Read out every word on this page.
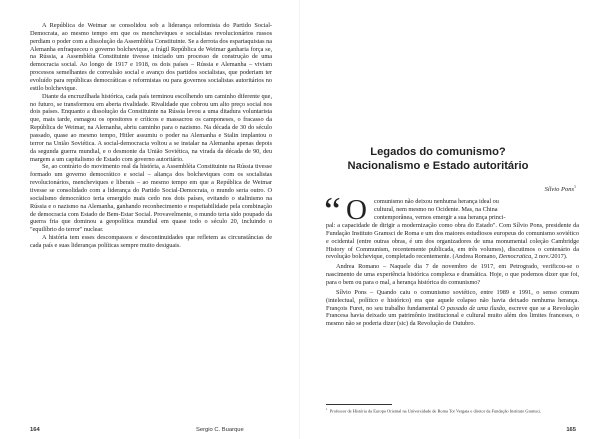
A República de Weimar se consolidou sob a liderança reformista do Partido Social-Democrata, ao mesmo tempo em que os mencheviques e socialistas revolucionários russos perdiam o poder com a dissolução da Assembléia Constituinte. Se a derrota dos espartaquistas na Alemanha enfraqueceu o governo bolchevique, a frágil República de Weimar ganharia força se, na Rússia, a Assembléia Constituinte tivesse iniciado um processo de construção de uma democracia social. Ao longo de 1917 e 1918, os dois países – Rússia e Alemanha – viviam processos semelhantes de convulsão social e avanço dos partidos socialistas, que poderiam ter evoluído para repúblicas democráticas e reformistas ou para governos socialistas autoritários no estilo bolchevique.

Diante da encruzilhada histórica, cada país terminou escolhendo um caminho diferente que, no futuro, se transformou em aberta rivalidade. Rivalidade que cobrou um alto preço social nos dois países. Enquanto a dissolução da Constituinte na Rússia levou a uma ditadura voluntarista que, mais tarde, esmagou os opositores e críticos e massacrou os camponeses, o fracasso da República de Weimar, na Alemanha, abriu caminho para o nazismo. Na década de 30 do século passado, quase ao mesmo tempo, Hitler assumiu o poder na Alemanha e Stalin implantou o terror na União Soviética. A social-democracia voltou a se instalar na Alemanha apenas depois da segunda guerra mundial, e o desmonte da União Soviética, na virada da década de 90, deu margem a um capitalismo de Estado com governo autoritário.

Se, ao contrário do movimento real da história, a Assembléia Constituinte na Rússia tivesse formado um governo democrático e social – aliança dos bolcheviques com os socialistas revolucionários, mencheviques e liberais – ao mesmo tempo em que a República de Weimar tivesse se consolidado com a liderança do Partido Social-Democrata, o mundo seria outro. O socialismo democrático teria emergido mais cedo nos dois países, evitando o stalinismo na Rússia e o nazismo na Alemanha, ganhando reconhecimento e respeitabilidade pela combinação de democracia com Estado de Bem-Estar Social. Provavelmente, o mundo teria sido poupado da guerra fria que dominou a geopolítica mundial em quase todo o século 20, incluindo o "equilíbrio do terror" nuclear.

A história tem esses descompassos e descontinuidades que refletem as circunstâncias de cada país e suas lideranças políticas sempre muito desiguais.

164	Sergio C. Buarque
Legados do comunismo?
Nacionalismo e Estado autoritário
Sílvio Pons$^1$
“ O comunismo não deixou nenhuma herança ideal ou

cultural, nem mesmo no Ocidente. Mas, na China

contemporânea, vemos emergir a sua herança princi-

pal: a capacidade de dirigir a modernização como obra do Estado". Com Sílvio Pons, presidente da Fundação Instituto Gramsci de Roma e um dos maiores estudiosos europeus do comunismo soviético e ocidental (entre outras obras, é um dos organizadores de uma monumental coleção Cambridge History of Communism, recentemente publicada, em três volumes), discutimos o centenário da revolução bolchevique, completado recentemente. (Andrea Romano, Democratica, 2 nov./2017).

Andrea Romano – Naquele dia 7 de novembro de 1917, em Petrogrado, verificou-se o nascimento de uma experiência histórica complexa e dramática. Hoje, o que podemos dizer que foi, para o bem ou para o mal, a herança histórica do comunismo?

Sílvio Pons – Quando caiu o comunismo soviético, entre 1989 e 1991, o senso comum (intelectual, político e histórico) era que aquele colapso não havia deixado nenhuma herança. François Furet, no seu trabalho fundamental O passado de uma ilusão, escreve que se a Revolução Francesa havia deixado um patrimônio institucional e cultural muito além dos limites franceses, o mesmo não se poderia dizer (sic) da Revolução de Outubro.

$^1$ Professor de História da Europa Oriental na Universidade de Roma Tor Vergata e diretor da Fundação Instituto Gramsci.
165
